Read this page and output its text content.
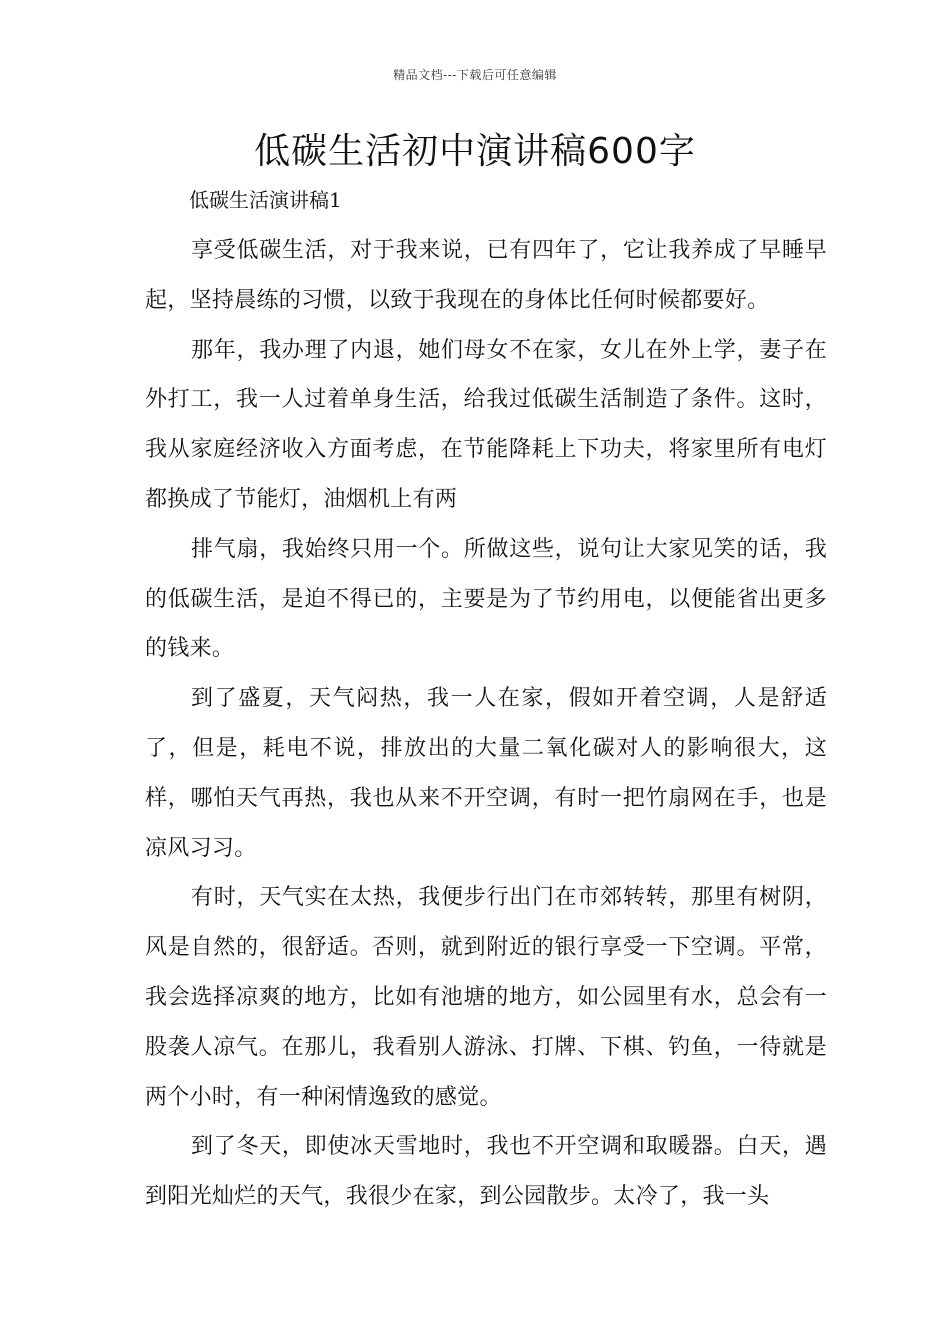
精品文档---下载后可任意编辑
低碳生活初中演讲稿600字

低碳生活演讲稿1

享受低碳生活，对于我来说，已有四年了，它让我养成了早睡早起，坚持晨练的习惯，以致于我现在的身体比任何时候都要好。

那年，我办理了内退，她们母女不在家，女儿在外上学，妻子在外打工，我一人过着单身生活，给我过低碳生活制造了条件。这时，我从家庭经济收入方面考虑，在节能降耗上下功夫，将家里所有电灯都换成了节能灯，油烟机上有两

排气扇，我始终只用一个。所做这些，说句让大家见笑的话，我的低碳生活，是迫不得已的，主要是为了节约用电，以便能省出更多的钱来。

到了盛夏，天气闷热，我一人在家，假如开着空调，人是舒适了，但是，耗电不说，排放出的大量二氧化碳对人的影响很大，这样，哪怕天气再热，我也从来不开空调，有时一把竹扇网在手，也是凉风习习。

有时，天气实在太热，我便步行出门在市郊转转，那里有树阴，风是自然的，很舒适。否则，就到附近的银行享受一下空调。平常，我会选择凉爽的地方，比如有池塘的地方，如公园里有水，总会有一股袭人凉气。在那儿，我看别人游泳、打牌、下棋、钓鱼，一待就是两个小时，有一种闲情逸致的感觉。

到了冬天，即使冰天雪地时，我也不开空调和取暖器。白天，遇到阳光灿烂的天气，我很少在家，到公园散步。太冷了，我一头
